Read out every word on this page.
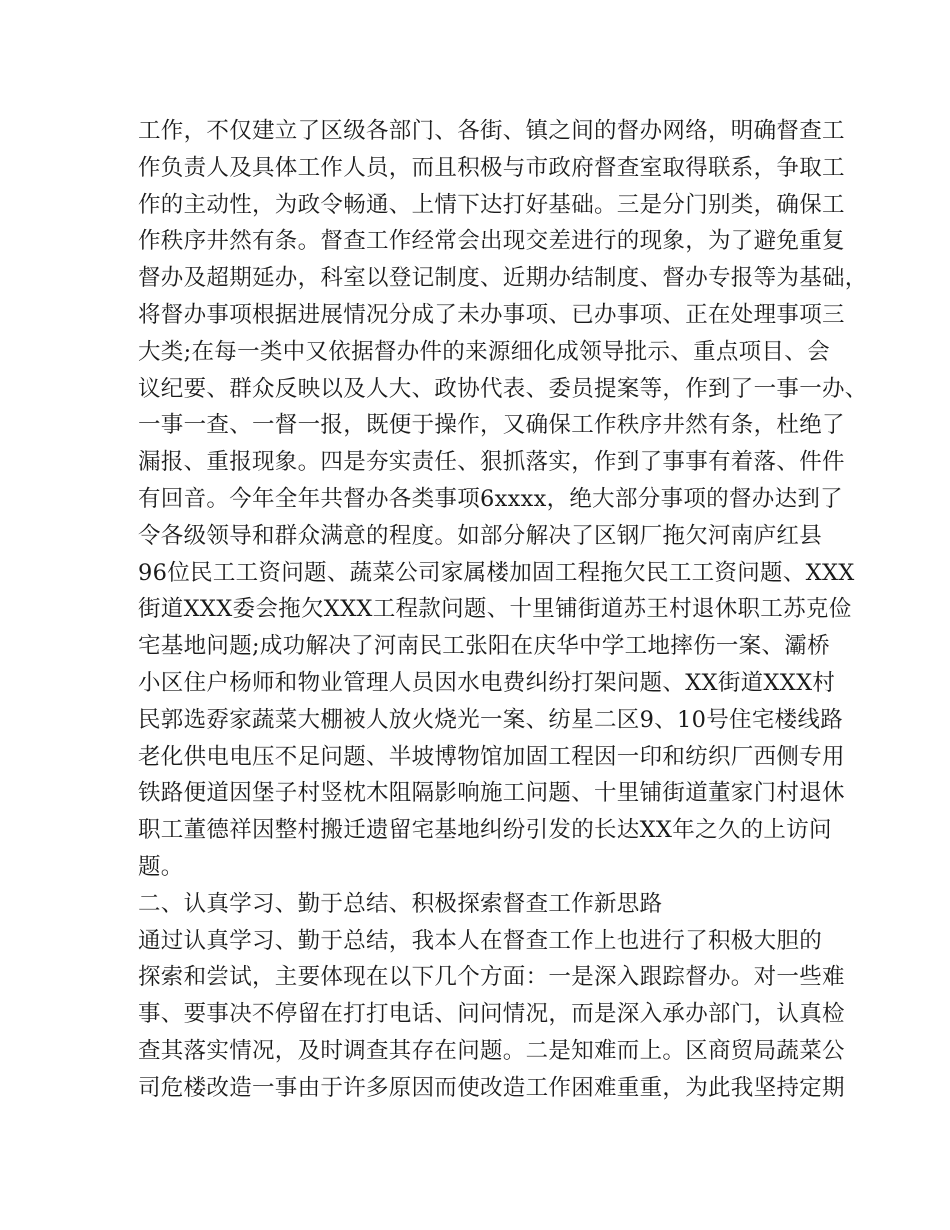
工作，不仅建立了区级各部门、各街、镇之间的督办网络，明确督查工
作负责人及具体工作人员，而且积极与市政府督查室取得联系，争取工
作的主动性，为政令畅通、上情下达打好基础。三是分门别类，确保工
作秩序井然有条。督查工作经常会出现交差进行的现象，为了避免重复
督办及超期延办，科室以登记制度、近期办结制度、督办专报等为基础，
将督办事项根据进展情况分成了未办事项、已办事项、正在处理事项三
大类;在每一类中又依据督办件的来源细化成领导批示、重点项目、会
议纪要、群众反映以及人大、政协代表、委员提案等，作到了一事一办、
一事一查、一督一报，既便于操作，又确保工作秩序井然有条，杜绝了
漏报、重报现象。四是夯实责任、狠抓落实，作到了事事有着落、件件
有回音。今年全年共督办各类事项6xxxx，绝大部分事项的督办达到了
令各级领导和群众满意的程度。如部分解决了区钢厂拖欠河南庐红县
96位民工工资问题、蔬菜公司家属楼加固工程拖欠民工工资问题、XXX
街道XXX委会拖欠XXX工程款问题、十里铺街道苏王村退休职工苏克俭
宅基地问题;成功解决了河南民工张阳在庆华中学工地摔伤一案、灞桥
小区住户杨师和物业管理人员因水电费纠纷打架问题、XX街道XXX村
民郭选孬家蔬菜大棚被人放火烧光一案、纺星二区9、10号住宅楼线路
老化供电电压不足问题、半坡博物馆加固工程因一印和纺织厂西侧专用
铁路便道因堡子村竖枕木阻隔影响施工问题、十里铺街道董家门村退休
职工董德祥因整村搬迁遗留宅基地纠纷引发的长达XX年之久的上访问
题。
二、认真学习、勤于总结、积极探索督查工作新思路
通过认真学习、勤于总结，我本人在督查工作上也进行了积极大胆的
探索和尝试，主要体现在以下几个方面：一是深入跟踪督办。对一些难
事、要事决不停留在打打电话、问问情况，而是深入承办部门，认真检
查其落实情况，及时调查其存在问题。二是知难而上。区商贸局蔬菜公
司危楼改造一事由于许多原因而使改造工作困难重重，为此我坚持定期
